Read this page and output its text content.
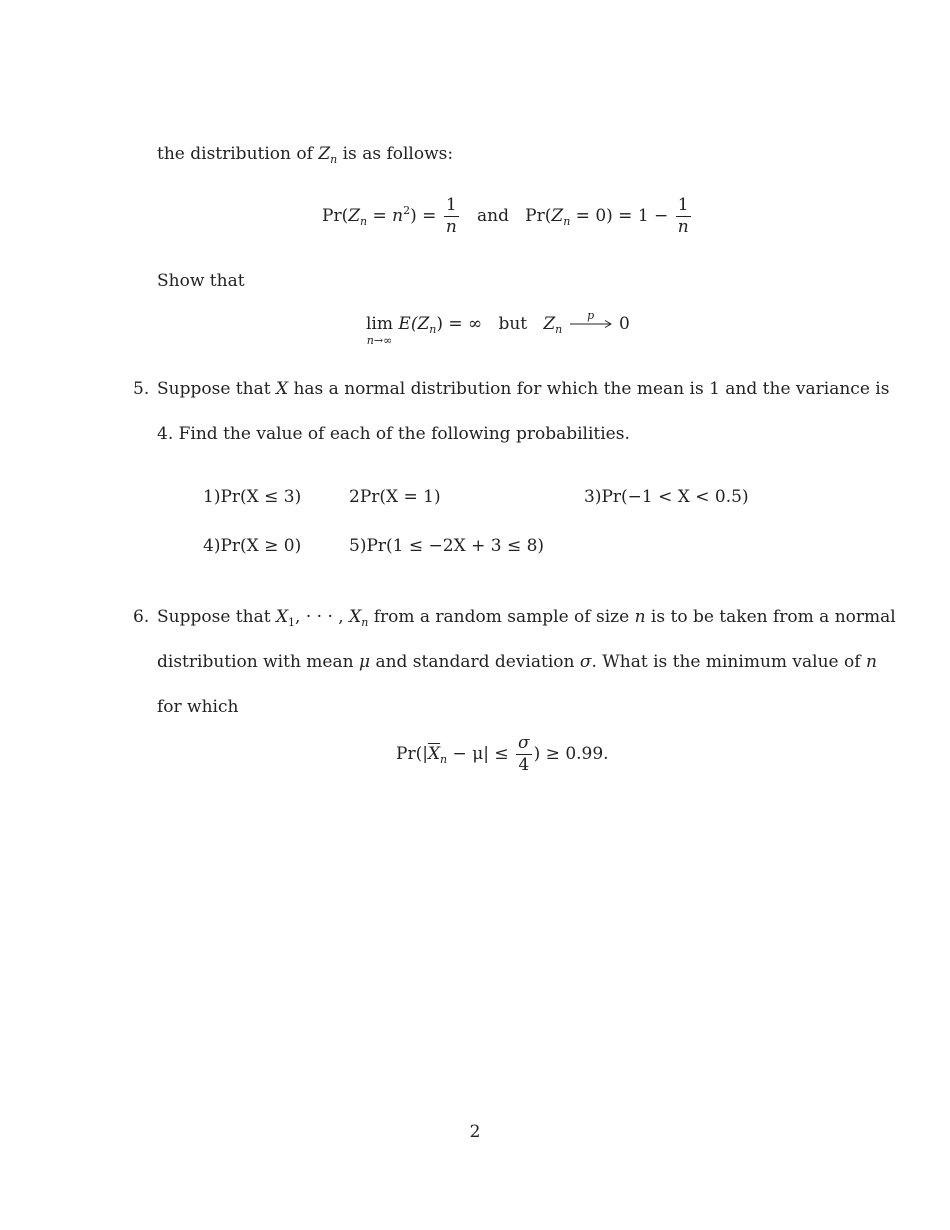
the distribution of $Z_n$ is as follows:
$Pr(Z_n = n^2) = \frac{1}{n}$ and $Pr(Z_n = 0) = 1 - \frac{1}{n}$
Show that
lim
n→∞
$E(Z_n)$ = ∞ but $Z_n$
p	0
5. Suppose that X has a normal distribution for which the mean is 1 and the variance is
4. Find the value of each of the following probabilities.
1)Pr(X ≤ 3)	2Pr(X = 1)	3)Pr(−1 < X < 0.5)
4)Pr(X ≥ 0)	5)Pr(1 ≤ −2X + 3 ≤ 8)
6. Suppose that $X_1$, · · · , $X_n$ from a random sample of size n is to be taken from a normal
distribution with mean μ and standard deviation σ. What is the minimum value of n
for which
$Pr(|\overline{X}_n - \mu| \le \frac{\sigma}{4}$ ) ≥ 0.99.
2
